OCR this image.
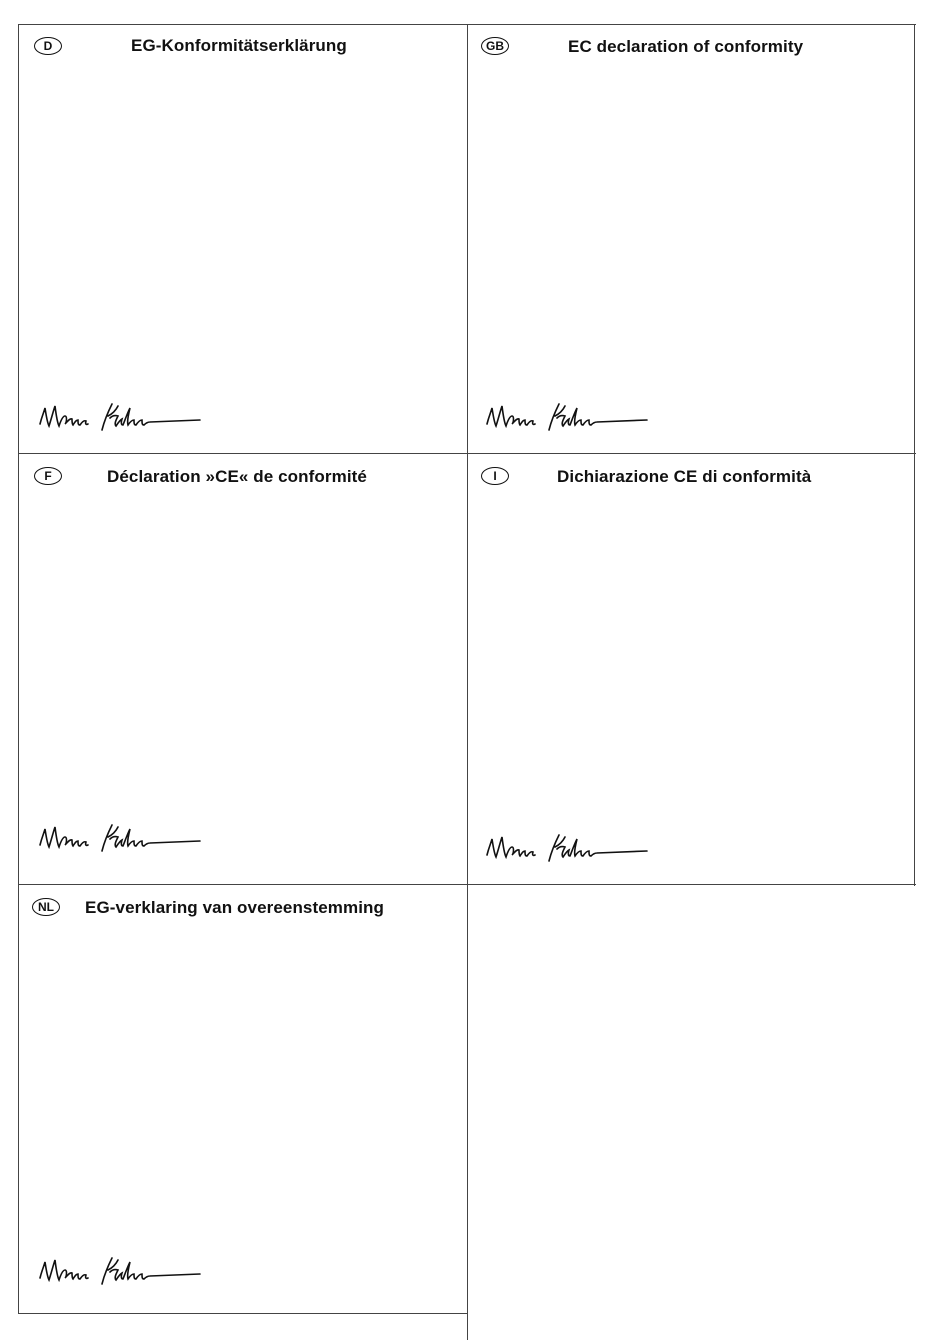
D	EG-Konformitätserklärung	GB	EC declaration of conformity
F	Déclaration »CE« de conformité	I	Dichiarazione CE di conformità
NL	EG-verklaring van overeenstemming
